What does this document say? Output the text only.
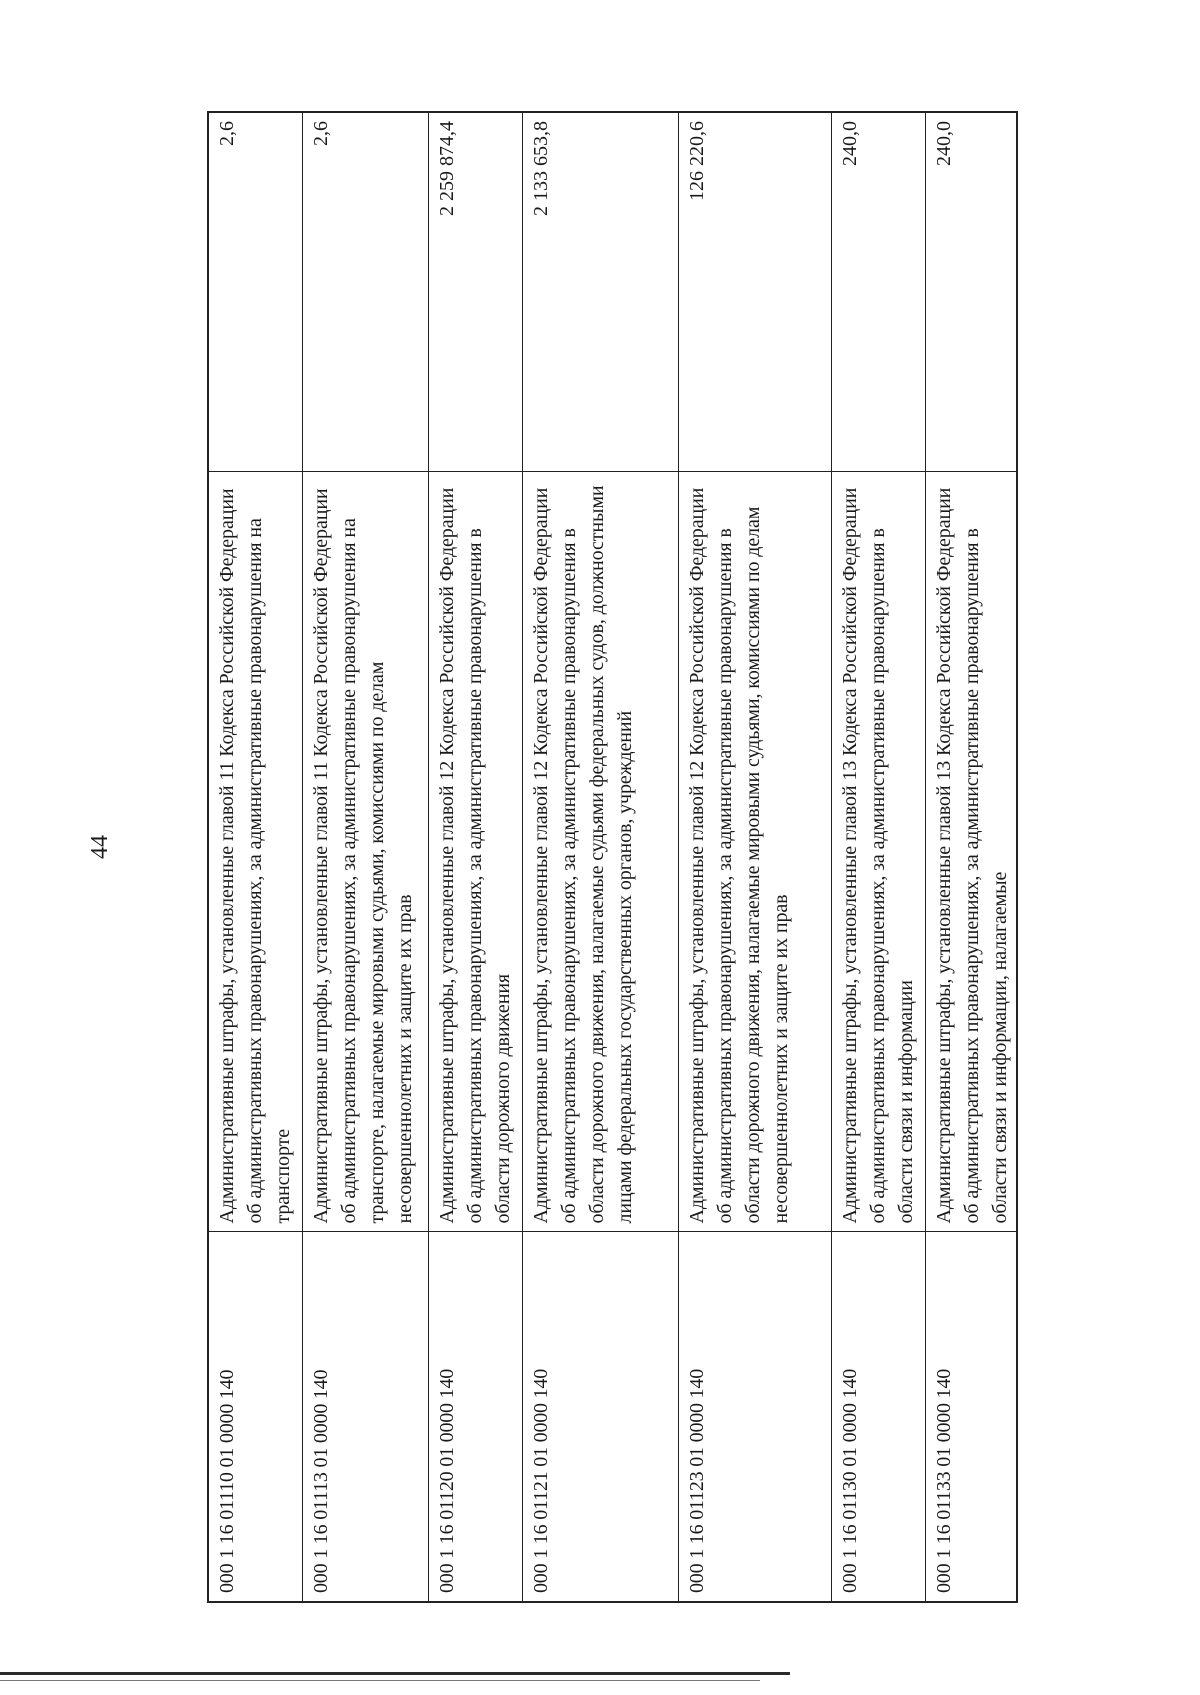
44
000 1 16 01110 01 0000 140	Административные штрафы, установленные главой 11 Кодекса Российской Федерации об административных правонарушениях, за административные правонарушения на транспорте	2,6
000 1 16 01113 01 0000 140	Административные штрафы, установленные главой 11 Кодекса Российской Федерации об административных правонарушениях, за административные правонарушения на транспорте, налагаемые мировыми судьями, комиссиями по делам несовершеннолетних и защите их прав	2,6
000 1 16 01120 01 0000 140	Административные штрафы, установленные главой 12 Кодекса Российской Федерации об административных правонарушениях, за административные правонарушения в области дорожного движения	2 259 874,4
000 1 16 01121 01 0000 140	Административные штрафы, установленные главой 12 Кодекса Российской Федерации об административных правонарушениях, за административные правонарушения в области дорожного движения, налагаемые судьями федеральных судов, должностными лицами федеральных государственных органов, учреждений	2 133 653,8
000 1 16 01123 01 0000 140	Административные штрафы, установленные главой 12 Кодекса Российской Федерации об административных правонарушениях, за административные правонарушения в области дорожного движения, налагаемые мировыми судьями, комиссиями по делам несовершеннолетних и защите их прав	126 220,6
000 1 16 01130 01 0000 140	Административные штрафы, установленные главой 13 Кодекса Российской Федерации об административных правонарушениях, за административные правонарушения в области связи и информации	240,0
000 1 16 01133 01 0000 140	Административные штрафы, установленные главой 13 Кодекса Российской Федерации об административных правонарушениях, за административные правонарушения в области связи и информации, налагаемые	240,0
